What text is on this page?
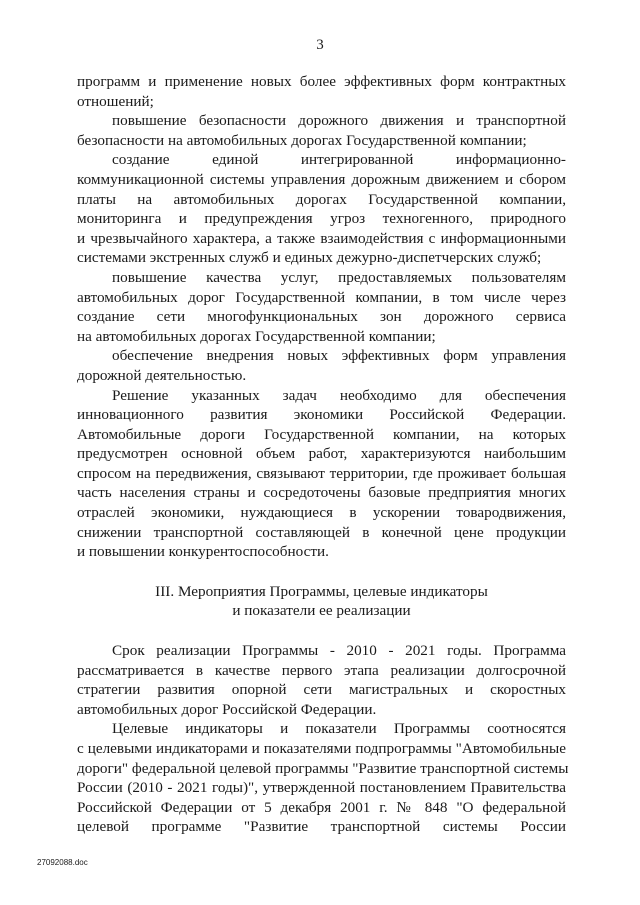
3
программ и применение новых более эффективных форм контрактных
отношений;
повышение безопасности дорожного движения и транспортной
безопасности на автомобильных дорогах Государственной компании;
создание единой интегрированной информационно-
коммуникационной системы управления дорожным движением и сбором
платы на автомобильных дорогах Государственной компании,
мониторинга и предупреждения угроз техногенного, природного
и чрезвычайного характера, а также взаимодействия с информационными
системами экстренных служб и единых дежурно-диспетчерских служб;
повышение качества услуг, предоставляемых пользователям
автомобильных дорог Государственной компании, в том числе через
создание сети многофункциональных зон дорожного сервиса
на автомобильных дорогах Государственной компании;
обеспечение внедрения новых эффективных форм управления
дорожной деятельностью.
Решение указанных задач необходимо для обеспечения
инновационного развития экономики Российской Федерации.
Автомобильные дороги Государственной компании, на которых
предусмотрен основной объем работ, характеризуются наибольшим
спросом на передвижения, связывают территории, где проживает большая
часть населения страны и сосредоточены базовые предприятия многих
отраслей экономики, нуждающиеся в ускорении товародвижения,
снижении транспортной составляющей в конечной цене продукции
и повышении конкурентоспособности.
III. Мероприятия Программы, целевые индикаторы
и показатели ее реализации
Срок реализации Программы - 2010 - 2021 годы. Программа
рассматривается в качестве первого этапа реализации долгосрочной
стратегии развития опорной сети магистральных и скоростных
автомобильных дорог Российской Федерации.
Целевые индикаторы и показатели Программы соотносятся
с целевыми индикаторами и показателями подпрограммы "Автомобильные
дороги" федеральной целевой программы "Развитие транспортной системы
России (2010 - 2021 годы)", утвержденной постановлением Правительства
Российской Федерации от 5 декабря 2001 г. № 848 "О федеральной
целевой программе "Развитие транспортной системы России
27092088.doc
